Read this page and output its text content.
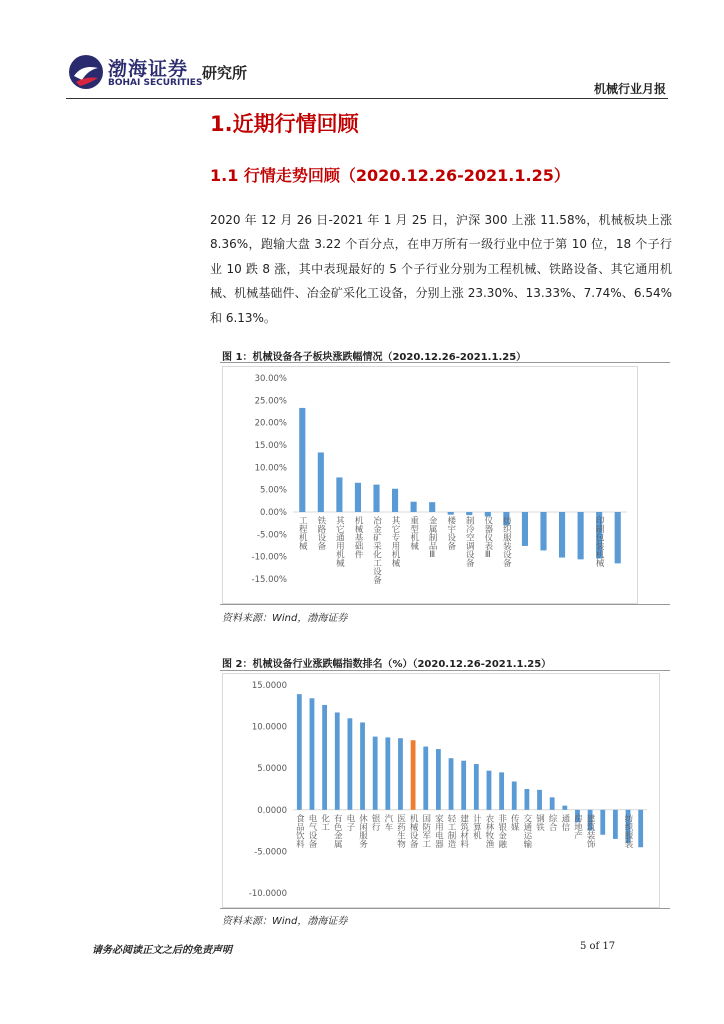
渤海证券
BOHAI SECURITIES
研究所
机械行业月报
1.近期行情回顾
1.1 行情走势回顾（2020.12.26-2021.1.25）
2020 年 12 月 26 日-2021 年 1 月 25 日，沪深 300 上涨 11.58%，机械板块上涨 8.36%，跑输大盘 3.22 个百分点，在申万所有一级行业中位于第 10 位，18 个子行业 10 跌 8 涨，其中表现最好的 5 个子行业分别为工程机械、铁路设备、其它通用机械、机械基础件、冶金矿采化工设备，分别上涨 23.30%、13.33%、7.74%、6.54%和 6.13%。
图 1：机械设备各子板块涨跌幅情况（2020.12.26-2021.1.25）
30.00%
25.00%
20.00%
15.00%
10.00%
5.00%
0.00%
-5.00%
-10.00%
-15.00%
工程机械 铁路设备 其它通用机械 机械基础件 冶金矿采化工设备 其它专用机械 重型机械 金属制品Ⅲ 楼宇设备 制冷空调设备 仪器仪表Ⅲ 纺织服装设备	印刷包装机械
资料来源：Wind，渤海证券
图 2：机械设备行业涨跌幅指数排名（%）（2020.12.26-2021.1.25）
15.0000
10.0000
5.0000
0.0000
-5.0000
-10.0000
食品饮料 电气设备 化工 有色金属 电子 休闲服务 银行 汽车 医药生物 机械设备 国防军工 家用电器 轻工制造 建筑材料 计算机 农林牧渔 非银金融 传媒 交通运输 钢铁 综合 通信 房地产 建筑装饰	纺织服装
资料来源：Wind，渤海证券
请务必阅读正文之后的免责声明	5 of 17
